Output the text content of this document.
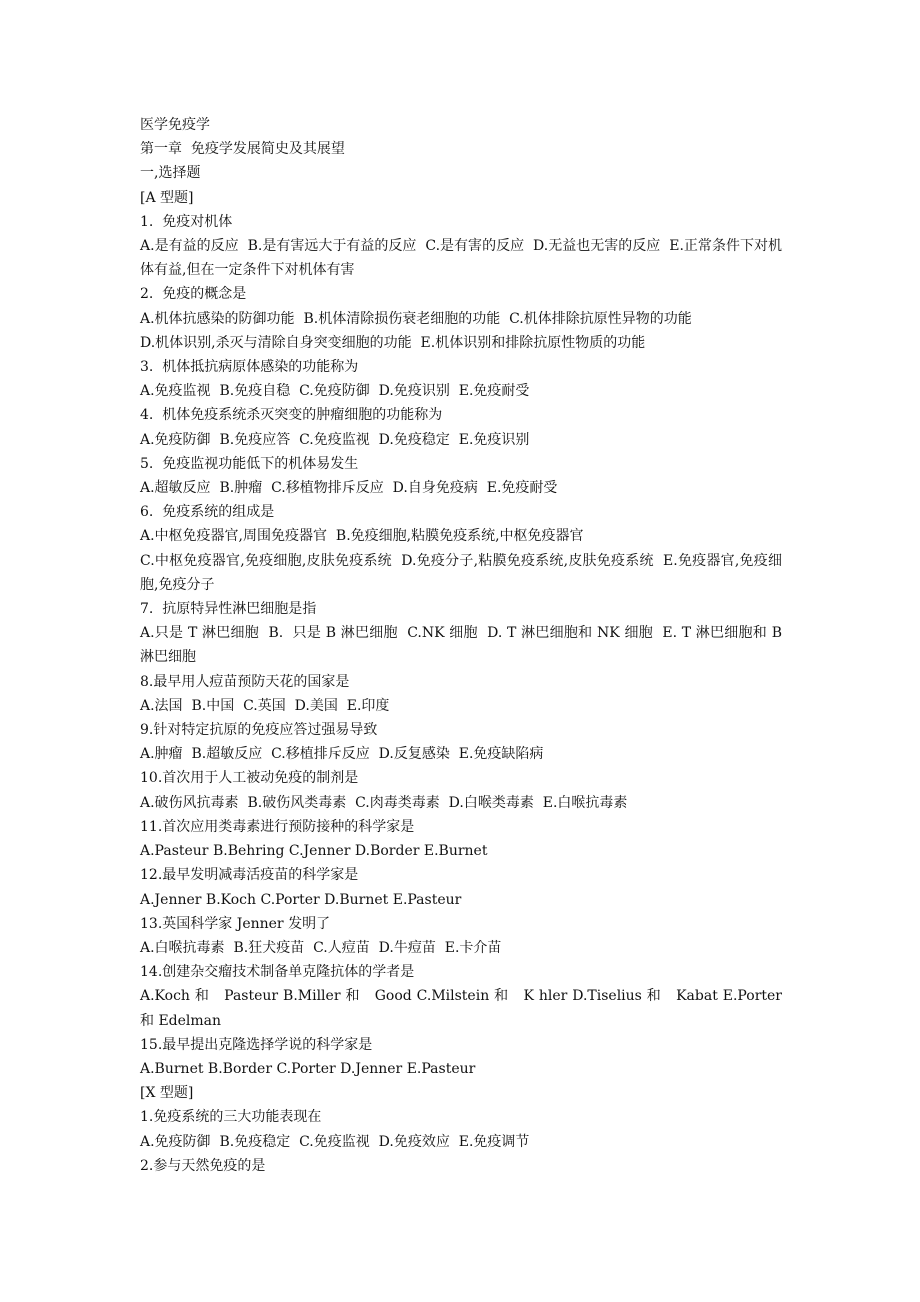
医学免疫学
第一章  免疫学发展简史及其展望
一,选择题
[A 型题]
1.  免疫对机体
A.是有益的反应  B.是有害远大于有益的反应  C.是有害的反应  D.无益也无害的反应  E.正常条件下对机体有益,但在一定条件下对机体有害
2.  免疫的概念是
A.机体抗感染的防御功能  B.机体清除损伤衰老细胞的功能  C.机体排除抗原性异物的功能
D.机体识别,杀灭与清除自身突变细胞的功能  E.机体识别和排除抗原性物质的功能
3.  机体抵抗病原体感染的功能称为
A.免疫监视  B.免疫自稳  C.免疫防御  D.免疫识别  E.免疫耐受
4.  机体免疫系统杀灭突变的肿瘤细胞的功能称为
A.免疫防御  B.免疫应答  C.免疫监视  D.免疫稳定  E.免疫识别
5.  免疫监视功能低下的机体易发生
A.超敏反应  B.肿瘤  C.移植物排斥反应  D.自身免疫病  E.免疫耐受
6.  免疫系统的组成是
A.中枢免疫器官,周围免疫器官  B.免疫细胞,粘膜免疫系统,中枢免疫器官
C.中枢免疫器官,免疫细胞,皮肤免疫系统  D.免疫分子,粘膜免疫系统,皮肤免疫系统  E.免疫器官,免疫细胞,免疫分子
7.  抗原特异性淋巴细胞是指
A.只是 T 淋巴细胞  B.  只是 B 淋巴细胞  C.NK 细胞  D. T 淋巴细胞和 NK 细胞  E. T 淋巴细胞和 B 淋巴细胞
8.最早用人痘苗预防天花的国家是
A.法国  B.中国  C.英国  D.美国  E.印度
9.针对特定抗原的免疫应答过强易导致
A.肿瘤  B.超敏反应  C.移植排斥反应  D.反复感染  E.免疫缺陷病
10.首次用于人工被动免疫的制剂是
A.破伤风抗毒素  B.破伤风类毒素  C.肉毒类毒素  D.白喉类毒素  E.白喉抗毒素
11.首次应用类毒素进行预防接种的科学家是
A.Pasteur B.Behring C.Jenner D.Border E.Burnet
12.最早发明减毒活疫苗的科学家是
A.Jenner B.Koch C.Porter D.Burnet E.Pasteur
13.英国科学家 Jenner 发明了
A.白喉抗毒素  B.狂犬疫苗  C.人痘苗  D.牛痘苗  E.卡介苗
14.创建杂交瘤技术制备单克隆抗体的学者是
A.Koch 和   Pasteur B.Miller 和   Good C.Milstein 和   K hler D.Tiselius 和   Kabat E.Porter 和 Edelman
15.最早提出克隆选择学说的科学家是
A.Burnet B.Border C.Porter D.Jenner E.Pasteur
[X 型题]
1.免疫系统的三大功能表现在
A.免疫防御  B.免疫稳定  C.免疫监视  D.免疫效应  E.免疫调节
2.参与天然免疫的是
